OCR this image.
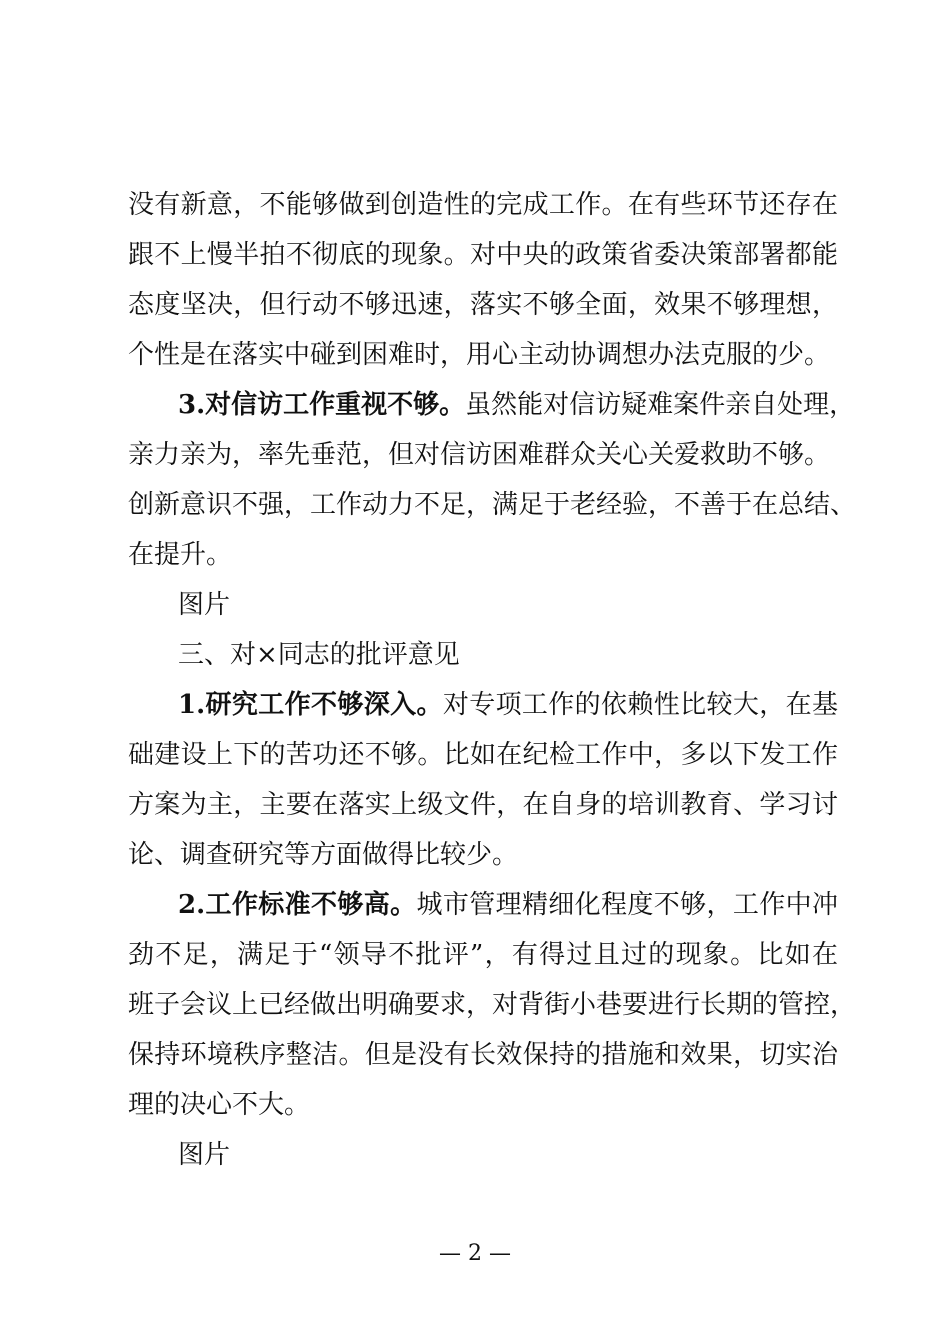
没有新意，不能够做到创造性的完成工作。在有些环节还存在
跟不上慢半拍不彻底的现象。对中央的政策省委决策部署都能
态度坚决，但行动不够迅速，落实不够全面，效果不够理想，
个性是在落实中碰到困难时，用心主动协调想办法克服的少。
3.对信访工作重视不够。虽然能对信访疑难案件亲自处理，
亲力亲为，率先垂范，但对信访困难群众关心关爱救助不够。
创新意识不强，工作动力不足，满足于老经验，不善于在总结、
在提升。
图片
三、对×同志的批评意见
1.研究工作不够深入。对专项工作的依赖性比较大，在基
础建设上下的苦功还不够。比如在纪检工作中，多以下发工作
方案为主，主要在落实上级文件，在自身的培训教育、学习讨
论、调查研究等方面做得比较少。
2.工作标准不够高。城市管理精细化程度不够，工作中冲
劲不足，满足于“领导不批评”，有得过且过的现象。比如在
班子会议上已经做出明确要求，对背街小巷要进行长期的管控，
保持环境秩序整洁。但是没有长效保持的措施和效果，切实治
理的决心不大。
图片
— 2 —
